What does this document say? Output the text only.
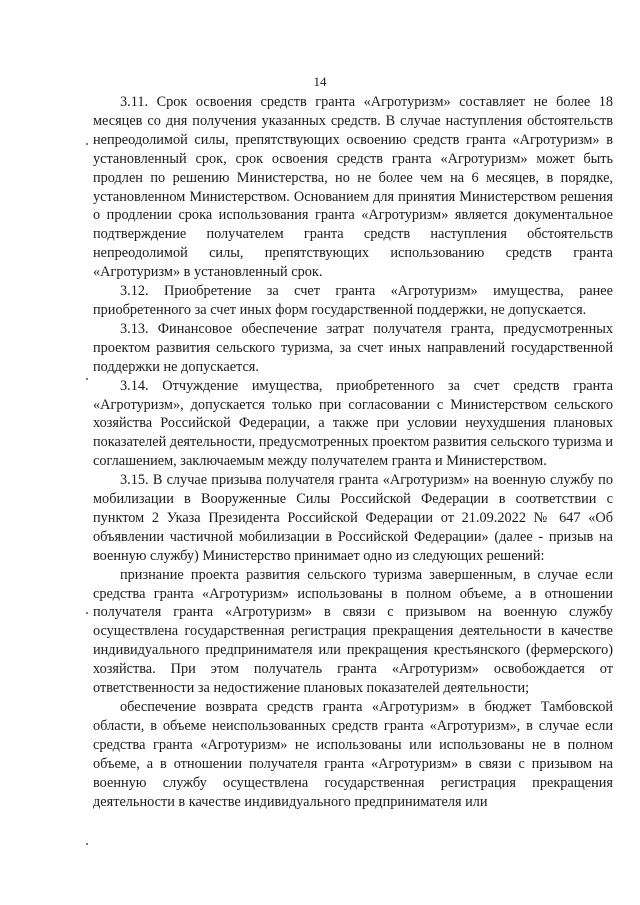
14

3.11. Срок освоения средств гранта «Агротуризм» составляет не более 18 месяцев со дня получения указанных средств. В случае наступления обстоятельств непреодолимой силы, препятствующих освоению средств гранта «Агротуризм» в установленный срок, срок освоения средств гранта «Агротуризм» может быть продлен по решению Министерства, но не более чем на 6 месяцев, в порядке, установленном Министерством. Основанием для принятия Министерством решения о продлении срока использования гранта «Агротуризм» является документальное подтверждение получателем гранта средств наступления обстоятельств непреодолимой силы, препятствующих использованию средств гранта «Агротуризм» в установленный срок.

3.12. Приобретение за счет гранта «Агротуризм» имущества, ранее приобретенного за счет иных форм государственной поддержки, не допускается.

3.13. Финансовое обеспечение затрат получателя гранта, предусмотренных проектом развития сельского туризма, за счет иных направлений государственной поддержки не допускается.

3.14. Отчуждение имущества, приобретенного за счет средств гранта «Агротуризм», допускается только при согласовании с Министерством сельского хозяйства Российской Федерации, а также при условии неухудшения плановых показателей деятельности, предусмотренных проектом развития сельского туризма и соглашением, заключаемым между получателем гранта и Министерством.

3.15. В случае призыва получателя гранта «Агротуризм» на военную службу по мобилизации в Вооруженные Силы Российской Федерации в соответствии с пунктом 2 Указа Президента Российской Федерации от 21.09.2022 № 647 «Об объявлении частичной мобилизации в Российской Федерации» (далее - призыв на военную службу) Министерство принимает одно из следующих решений:

признание проекта развития сельского туризма завершенным, в случае если средства гранта «Агротуризм» использованы в полном объеме, а в отношении получателя гранта «Агротуризм» в связи с призывом на военную службу осуществлена государственная регистрация прекращения деятельности в качестве индивидуального предпринимателя или прекращения крестьянского (фермерского) хозяйства. При этом получатель гранта «Агротуризм» освобождается от ответственности за недостижение плановых показателей деятельности;

обеспечение возврата средств гранта «Агротуризм» в бюджет Тамбовской области, в объеме неиспользованных средств гранта «Агротуризм», в случае если средства гранта «Агротуризм» не использованы или использованы не в полном объеме, а в отношении получателя гранта «Агротуризм» в связи с призывом на военную службу осуществлена государственная регистрация прекращения деятельности в качестве индивидуального предпринимателя или
